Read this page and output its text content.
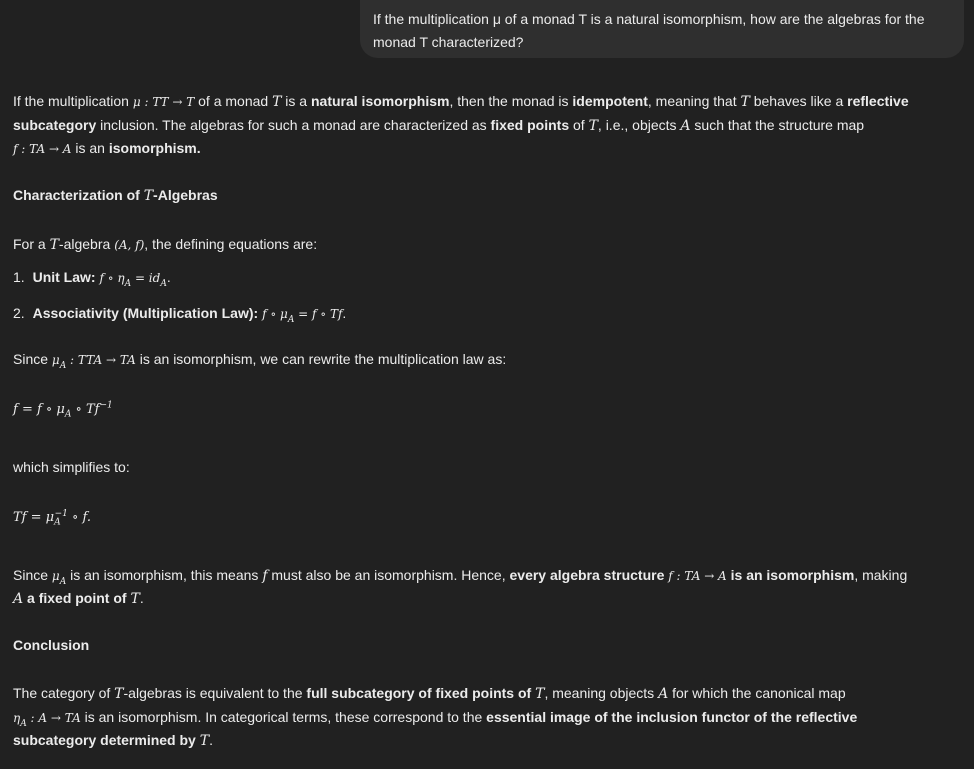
If the multiplication μ of a monad T is a natural isomorphism, how are the algebras for the
monad T characterized?
If the multiplication μ : TT → T of a monad T is a natural isomorphism, then the monad is idempotent, meaning that T behaves like a reflective
subcategory inclusion. The algebras for such a monad are characterized as fixed points of T, i.e., objects A such that the structure map
f : TA → A is an isomorphism.
Characterization of T-Algebras
For a T-algebra (A, f), the defining equations are:
1. Unit Law: f ∘ $\eta_A = id_A$.
2. Associativity (Multiplication Law): f ∘ $\mu_A = f$ ∘ Tf.
Since $\mu_A$ : TTA → TA is an isomorphism, we can rewrite the multiplication law as:
f = f ∘ $\mu_A$ ∘ $Tf^{-1}$
which simplifies to:
$Tf = \mu_A^{-1}$ ∘ f.
Since $\mu_A$ is an isomorphism, this means f must also be an isomorphism. Hence, every algebra structure f : TA → A is an isomorphism, making
A a fixed point of T.
Conclusion
The category of T-algebras is equivalent to the full subcategory of fixed points of T, meaning objects A for which the canonical map
$\eta_A$ : A → TA is an isomorphism. In categorical terms, these correspond to the essential image of the inclusion functor of the reflective
subcategory determined by T.
